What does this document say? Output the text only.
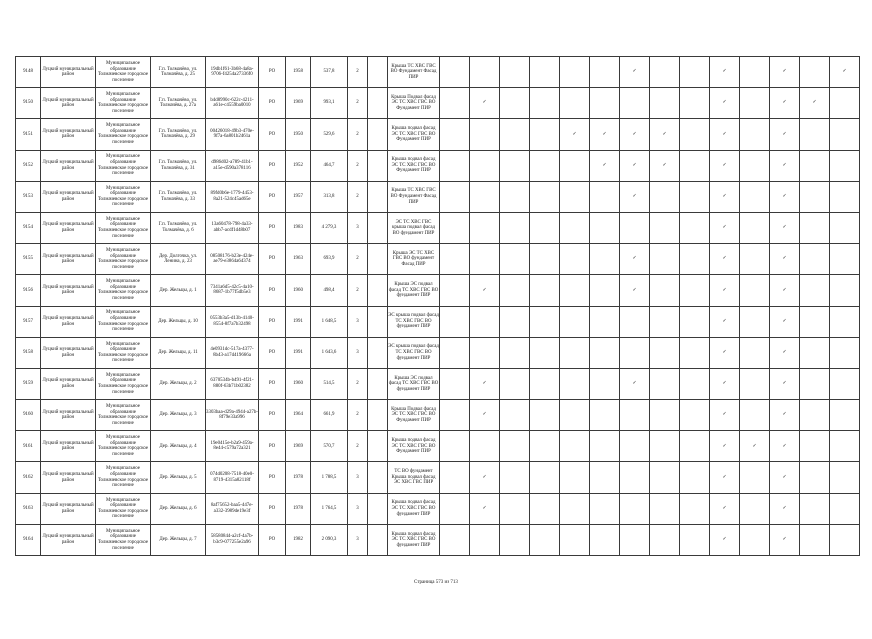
9148	Луцкий муниципальный район	Муниципальное образование Толмачевское городское поселение	Г.п. Толмачёво, ул. Толмачёва, д. 25	19db1f61-3b68-4a8a-9706-f4254a27336f0	РО	1958	537,8	2		Крыша ТС ХВС ГВС ВО Фундамент Фасад ПИР							✓			✓		✓		✓
9150	Луцкий муниципальный район	Муниципальное образование Толмачевское городское поселение	Г.п. Толмачёво, ул. Толмачёва, д. 27а	b4d8990c-622c-4211-a61e-c4559ba0010	РО	1969	993,1	2		Крыша Подвал фасад ЭС ТС ХВС ГВС ВО Фундамент ПИР		✓								✓		✓	✓	
9151	Луцкий муниципальный район	Муниципальное образование Толмачевское городское поселение	Г.п. Толмачёво, ул. Толмачёва, д. 29	00426018-49b3-470e-9f7a-6a801b2461a	РО	1950	529,6	2		Крыша подвал фасад ЭС ТС ХВС ГВС ВО Фундамент ПИР					✓	✓	✓	✓		✓		✓		
9152	Луцкий муниципальный район	Муниципальное образование Толмачевское городское поселение	Г.п. Толмачёво, ул. Толмачёва, д. 31	d986d02-a789-41b1-a15e-d590a378116	РО	1952	464,7	2		Крыша подвал фасад ЭС ТС ХВС ГВС ВО Фундамент ПИР						✓	✓	✓		✓		✓		
9153	Луцкий муниципальный район	Муниципальное образование Толмачевское городское поселение	Г.п. Толмачёво, ул. Толмачёва, д. 33	89fd0b6e-1779-4453-8a21-524c45ad65e	РО	1957	313,8	2		Крыша ТС ХВС ГВС ВО Фундамент Фасад ПИР							✓			✓		✓		
9154	Луцкий муниципальный район	Муниципальное образование Толмачевское городское поселение	Г.п. Толмачёво, ул. Толмачёва, д. 6	13a60478-798-4a33-abb7-acdf1d48b07	РО	1983	4 279,3	3		ЭС ТС ХВС ГВС крыша подвал фасад ВО фундамент ПИР										✓		✓		
9155	Луцкий муниципальный район	Муниципальное образование Толмачевское городское поселение	Дер. Долгочка, ул. Ленина, д. 23	08508176-b23e-424e-ae79-e3864a64374	РО	1963	693,9	2		Крыша ЭС ТС ХВС ГВС ВО фундамент Фасад ПИР							✓			✓		✓		
9156	Луцкий муниципальный район	Муниципальное образование Толмачевское городское поселение	Дер. Жельцы, д. 1	7341a6d5-42c5-4a10-8687-1b77f5db5e3	РО	1960	498,4	2		Крыша ЭС подвал фасад ТС ХВС ГВС ВО фундамент ПИР		✓					✓			✓		✓		
9157	Луцкий муниципальный район	Муниципальное образование Толмачевское городское поселение	Дер. Жельцы, д. 10	0553b3a5-d13b-4140-8554-8f7a7b32498	РО	1991	1 648,5	3		ЭС крыша подвал фасад ТС ХВС ГВС ВО фундамент ПИР										✓		✓		
9158	Луцкий муниципальный район	Муниципальное образование Толмачевское городское поселение	Дер. Жельцы, д. 11	4e0931dc-517a-4377-8b43-a17d419666a	РО	1991	1 643,6	3		ЭС крыша подвал фасад ТС ХВС ГВС ВО фундамент ПИР										✓		✓		
9159	Луцкий муниципальный район	Муниципальное образование Толмачевское городское поселение	Дер. Жельцы, д. 2	6370534b-b491-4f21-880f-63b71b02382	РО	1960	514,5	2		Крыша ЭС подвал фасад ТС ХВС ГВС ВО фундамент ПИР		✓					✓			✓		✓		
9160	Луцкий муниципальный район	Муниципальное образование Толмачевское городское поселение	Дер. Жельцы, д. 3	3303baa-d29a-4944-a27b-8f79e33a996	РО	1964	661,9	2		Крыша Подвал фасад ЭС ТС ХВС ГВС ВО Фундамент ПИР		✓								✓		✓		
9161	Луцкий муниципальный район	Муниципальное образование Толмачевское городское поселение	Дер. Жельцы, д. 4	19e0415e-b2a9-459a-8e44-c579a72a321	РО	1969	570,7	2		Крыша подвал фасад ЭС ТС ХВС ГВС ВО Фундамент ПИР										✓	✓	✓		
9162	Луцкий муниципальный район	Муниципальное образование Толмачевское городское поселение	Дер. Жельцы, д. 5	074d0208-7518-40e0-8719-4315a82118f	РО	1978	1 788,5	3		ТС ВО фундамент Крыша подвал фасад ЭС ХВС ГВС ПИР		✓								✓		✓		
9163	Луцкий муниципальный район	Муниципальное образование Толмачевское городское поселение	Дер. Жельцы, д. 6	8af75652-baa5-447e-a332-3989de19e3f	РО	1978	1 764,5	3		Крыша подвал фасад ЭС ТС ХВС ГВС ВО фундамент ПИР		✓								✓		✓		
9164	Луцкий муниципальный район	Муниципальное образование Толмачевское городское поселение	Дер. Жельцы, д. 7	58580844-a2cf-4a7b-b3c9-077255e2a96	РО	1982	2 090,3	3		Крыша подвал фасад ЭС ТС ХВС ГВС ВО фундамент ПИР										✓		✓		
Страница 573 из 713
